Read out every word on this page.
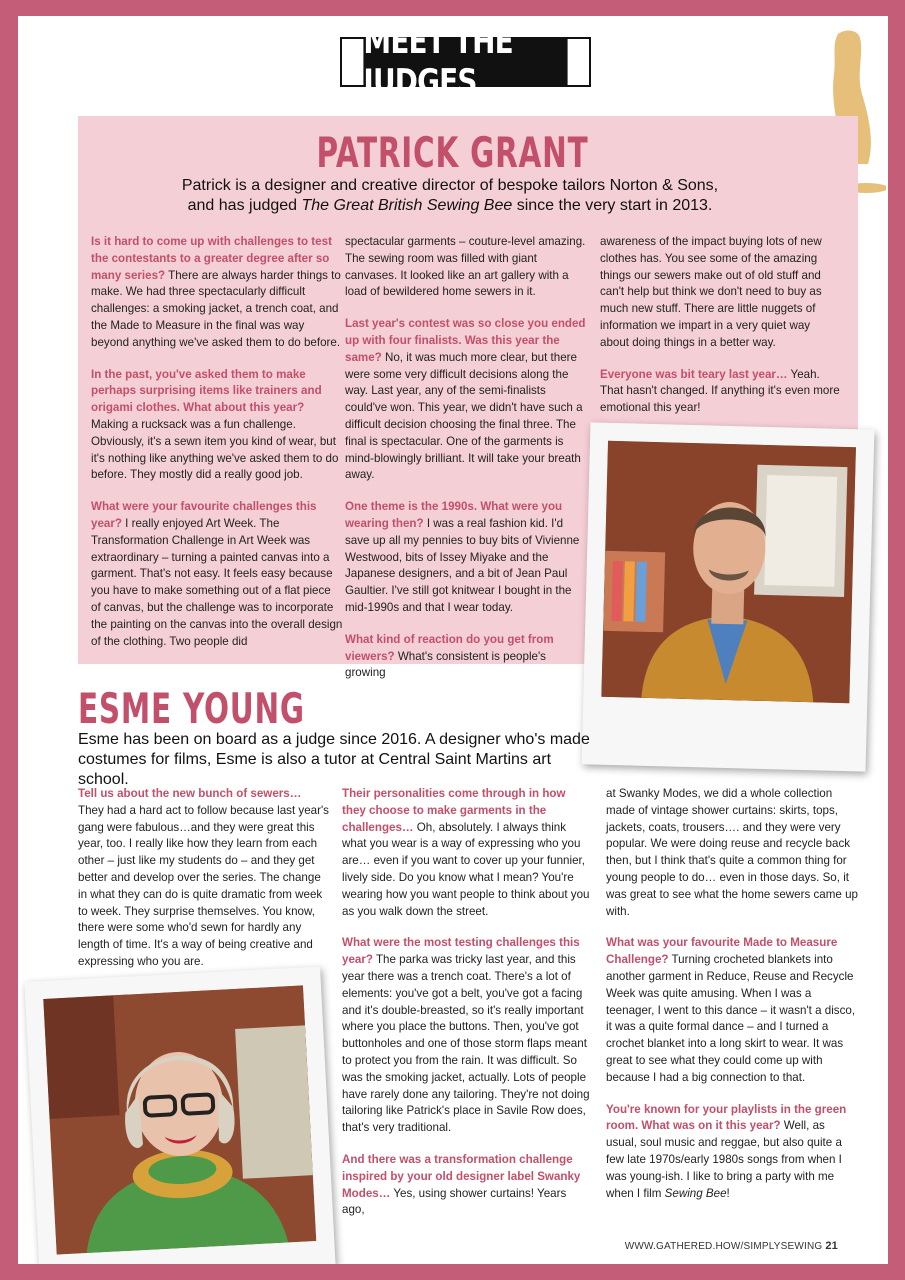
MEET THE JUDGES
PATRICK GRANT
Patrick is a designer and creative director of bespoke tailors Norton & Sons,
and has judged The Great British Sewing Bee since the very start in 2013.

Is it hard to come up with challenges to test the contestants to a greater degree after so many series? There are always harder things to make. We had three spectacularly difficult challenges: a smoking jacket, a trench coat, and the Made to Measure in the final was way beyond anything we've asked them to do before.

In the past, you've asked them to make perhaps surprising items like trainers and origami clothes. What about this year? Making a rucksack was a fun challenge. Obviously, it's a sewn item you kind of wear, but it's nothing like anything we've asked them to do before. They mostly did a really good job.

What were your favourite challenges this year? I really enjoyed Art Week. The Transformation Challenge in Art Week was extraordinary – turning a painted canvas into a garment. That's not easy. It feels easy because you have to make something out of a flat piece of canvas, but the challenge was to incorporate the painting on the canvas into the overall design of the clothing. Two people did

spectacular garments – couture-level amazing. The sewing room was filled with giant canvases. It looked like an art gallery with a load of bewildered home sewers in it.

Last year's contest was so close you ended up with four finalists. Was this year the same? No, it was much more clear, but there were some very difficult decisions along the way. Last year, any of the semi-finalists could've won. This year, we didn't have such a difficult decision choosing the final three. The final is spectacular. One of the garments is mind-blowingly brilliant. It will take your breath away.

One theme is the 1990s. What were you wearing then? I was a real fashion kid. I'd save up all my pennies to buy bits of Vivienne Westwood, bits of Issey Miyake and the Japanese designers, and a bit of Jean Paul Gaultier. I've still got knitwear I bought in the mid-1990s and that I wear today.

What kind of reaction do you get from viewers? What's consistent is people's growing

awareness of the impact buying lots of new clothes has. You see some of the amazing things our sewers make out of old stuff and can't help but think we don't need to buy as much new stuff. There are little nuggets of information we impart in a very quiet way about doing things in a better way.

Everyone was bit teary last year… Yeah. That hasn't changed. If anything it's even more emotional this year!

ESME YOUNG
Esme has been on board as a judge since 2016. A designer who's made costumes for films, Esme is also a tutor at Central Saint Martins art school.

Tell us about the new bunch of sewers… They had a hard act to follow because last year's gang were fabulous…and they were great this year, too. I really like how they learn from each other – just like my students do – and they get better and develop over the series. The change in what they can do is quite dramatic from week to week. They surprise themselves. You know, there were some who'd sewn for hardly any length of time. It's a way of being creative and expressing who you are.

Their personalities come through in how they choose to make garments in the challenges… Oh, absolutely. I always think what you wear is a way of expressing who you are… even if you want to cover up your funnier, lively side. Do you know what I mean? You're wearing how you want people to think about you as you walk down the street.

What were the most testing challenges this year? The parka was tricky last year, and this year there was a trench coat. There's a lot of elements: you've got a belt, you've got a facing and it's double-breasted, so it's really important where you place the buttons. Then, you've got buttonholes and one of those storm flaps meant to protect you from the rain. It was difficult. So was the smoking jacket, actually. Lots of people have rarely done any tailoring. They're not doing tailoring like Patrick's place in Savile Row does, that's very traditional.

And there was a transformation challenge inspired by your old designer label Swanky Modes… Yes, using shower curtains! Years ago,

at Swanky Modes, we did a whole collection made of vintage shower curtains: skirts, tops, jackets, coats, trousers…. and they were very popular. We were doing reuse and recycle back then, but I think that's quite a common thing for young people to do… even in those days. So, it was great to see what the home sewers came up with.

What was your favourite Made to Measure Challenge? Turning crocheted blankets into another garment in Reduce, Reuse and Recycle Week was quite amusing. When I was a teenager, I went to this dance – it wasn't a disco, it was a quite formal dance – and I turned a crochet blanket into a long skirt to wear. It was great to see what they could come up with because I had a big connection to that.

You're known for your playlists in the green room. What was on it this year? Well, as usual, soul music and reggae, but also quite a few late 1970s/early 1980s songs from when I was young-ish. I like to bring a party with me when I film Sewing Bee!

WWW.GATHERED.HOW/SIMPLYSEWING 21
